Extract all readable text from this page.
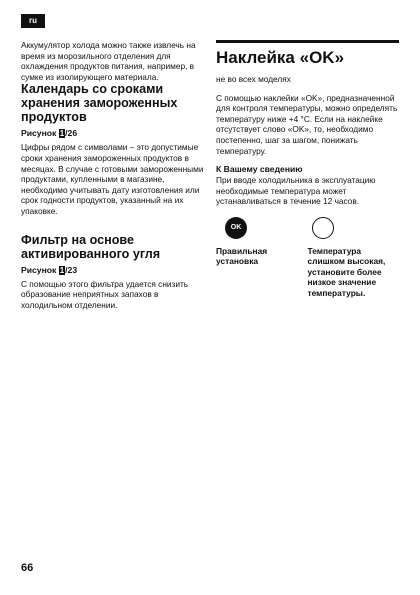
ru

Аккумулятор холода можно также извлечь на время из морозильного отделения для охлаждения продуктов питания, например, в сумке из изолирующего материала.

Календарь со сроками хранения замороженных продуктов
Рисунок 1/26

Цифры рядом с символами – это допустимые сроки хранения замороженных продуктов в месяцах. В случае с готовыми замороженными продуктами, купленными в магазине, необходимо учитывать дату изготовления или срок годности продуктов, указанный на их упаковке.

Фильтр на основе активированного угля
Рисунок 1/23

С помощью этого фильтра удается снизить образование неприятных запахов в холодильном отделении.

Наклейка «OK»

не во всех моделях

С помощью наклейки «OK», предназначенной для контроля температуры, можно определять температуру ниже +4 °C. Если на наклейке отсутствует слово «OK», то, необходимо постепенно, шаг за шагом, понижать температуру.

К Вашему сведению

При вводе холодильника в эксплуатацию необходимые температура может устанавливаться в течение 12 часов.

OK
Правильная установка
Температура слишком высокая, установите более низкое значение температуры.
66
